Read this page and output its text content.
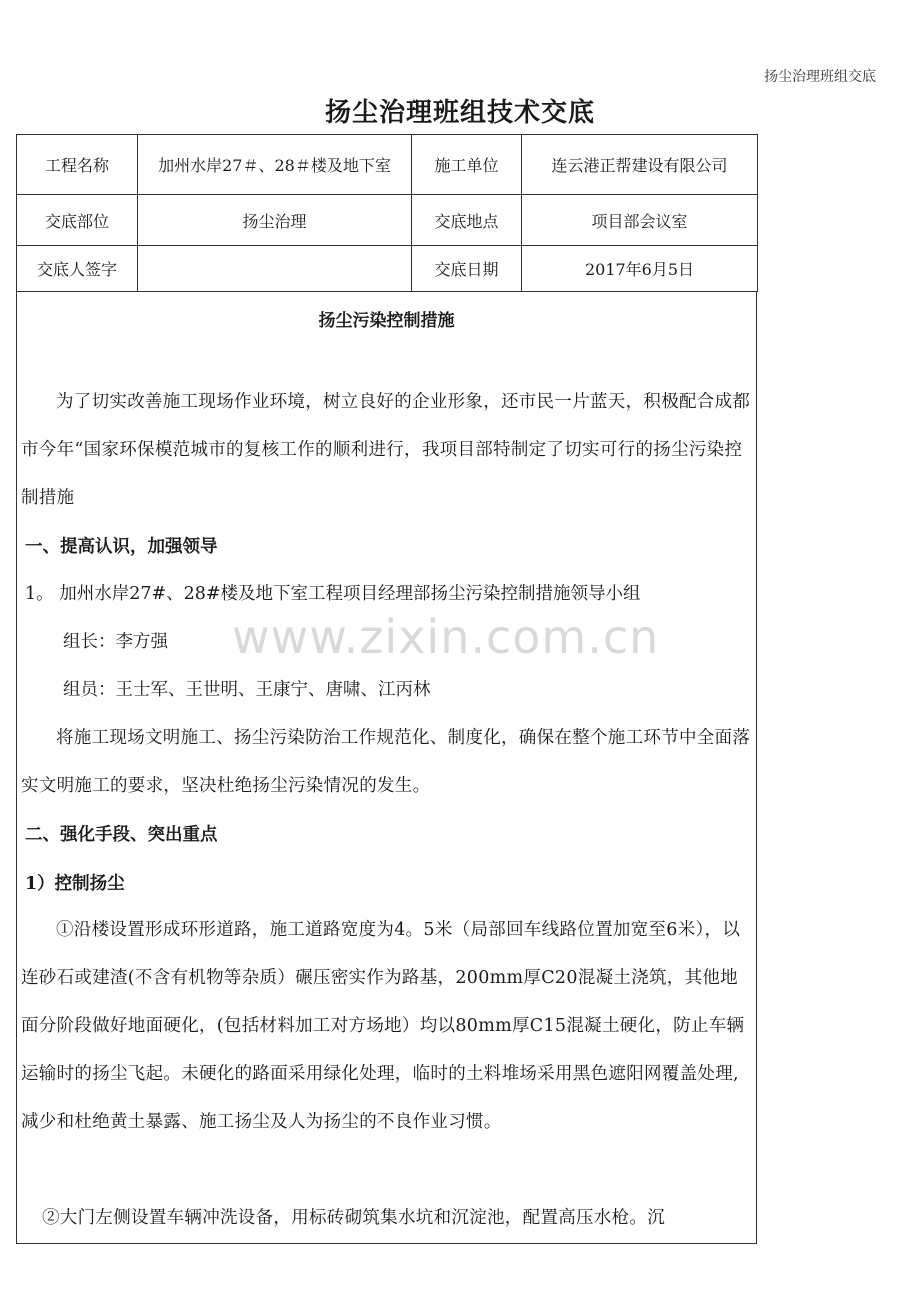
扬尘治理班组交底
扬尘治理班组技术交底
工程名称	加州水岸27＃、28＃楼及地下室	施工单位	连云港正帮建设有限公司
交底部位	扬尘治理	交底地点	项目部会议室
交底人签字		交底日期	2017年6月5日
扬尘污染控制措施

为了切实改善施工现场作业环境，树立良好的企业形象，还市民一片蓝天，积极配合成都市今年“国家环保模范城市的复核工作的顺利进行，我项目部特制定了切实可行的扬尘污染控制措施

一、提高认识，加强领导

1。 加州水岸27#、28#楼及地下室工程项目经理部扬尘污染控制措施领导小组

组长：李方强

组员：王士军、王世明、王康宁、唐啸、江丙林

将施工现场文明施工、扬尘污染防治工作规范化、制度化，确保在整个施工环节中全面落实文明施工的要求，坚决杜绝扬尘污染情况的发生。

二、强化手段、突出重点

1）控制扬尘

①沿楼设置形成环形道路，施工道路宽度为4。5米（局部回车线路位置加宽至6米），以连砂石或建渣(不含有机物等杂质）碾压密实作为路基，200mm厚C20混凝土浇筑，其他地面分阶段做好地面硬化，(包括材料加工对方场地）均以80mm厚C15混凝土硬化，防止车辆运输时的扬尘飞起。未硬化的路面采用绿化处理，临时的土料堆场采用黑色遮阳网覆盖处理,减少和杜绝黄土暴露、施工扬尘及人为扬尘的不良作业习惯。

②大门左侧设置车辆冲洗设备，用标砖砌筑集水坑和沉淀池，配置高压水枪。沉

www.zixin.com.cn
